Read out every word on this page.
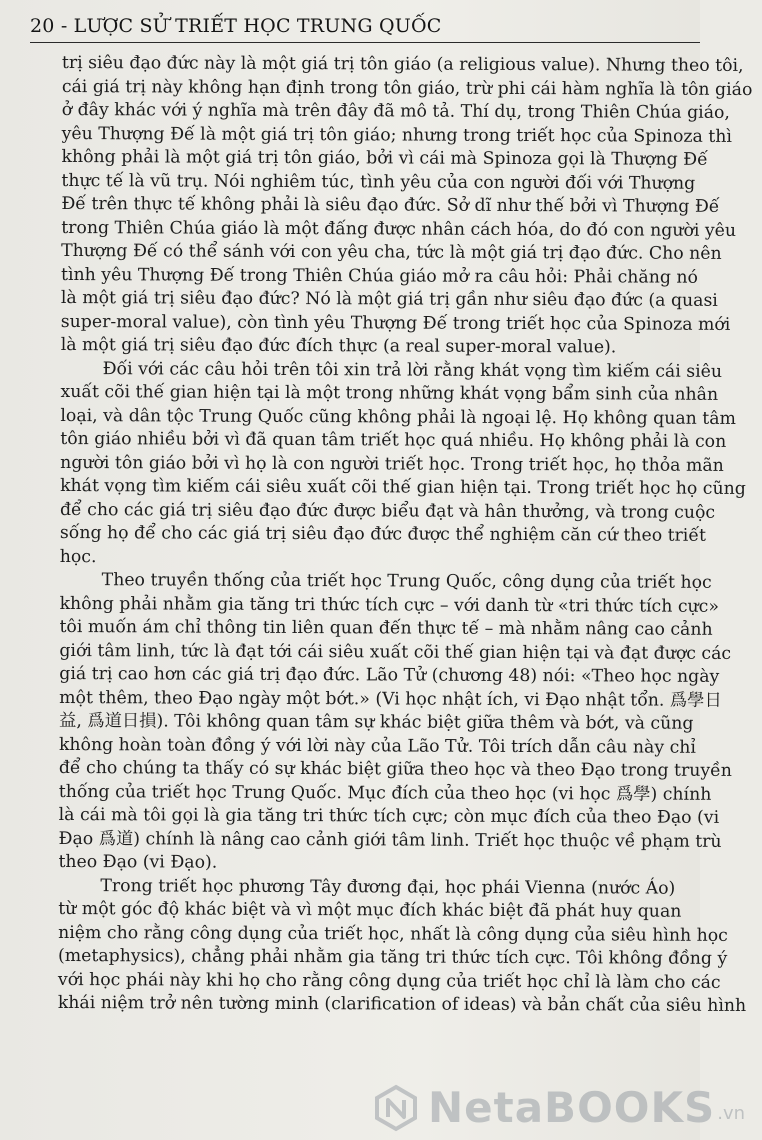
20 - LƯỢC SỬ TRIẾT HỌC TRUNG QUỐC
trị siêu đạo đức này là một giá trị tôn giáo (a religious value). Nhưng theo tôi,
cái giá trị này không hạn định trong tôn giáo, trừ phi cái hàm nghĩa là tôn giáo
ở đây khác với ý nghĩa mà trên đây đã mô tả. Thí dụ, trong Thiên Chúa giáo,
yêu Thượng Đế là một giá trị tôn giáo; nhưng trong triết học của Spinoza thì
không phải là một giá trị tôn giáo, bởi vì cái mà Spinoza gọi là Thượng Đế
thực tế là vũ trụ. Nói nghiêm túc, tình yêu của con người đối với Thượng
Đế trên thực tế không phải là siêu đạo đức. Sở dĩ như thế bởi vì Thượng Đế
trong Thiên Chúa giáo là một đấng được nhân cách hóa, do đó con người yêu
Thượng Đế có thể sánh với con yêu cha, tức là một giá trị đạo đức. Cho nên
tình yêu Thượng Đế trong Thiên Chúa giáo mở ra câu hỏi: Phải chăng nó
là một giá trị siêu đạo đức? Nó là một giá trị gần như siêu đạo đức (a quasi
super-moral value), còn tình yêu Thượng Đế trong triết học của Spinoza mới
là một giá trị siêu đạo đức đích thực (a real super-moral value).
Đối với các câu hỏi trên tôi xin trả lời rằng khát vọng tìm kiếm cái siêu
xuất cõi thế gian hiện tại là một trong những khát vọng bẩm sinh của nhân
loại, và dân tộc Trung Quốc cũng không phải là ngoại lệ. Họ không quan tâm
tôn giáo nhiều bởi vì đã quan tâm triết học quá nhiều. Họ không phải là con
người tôn giáo bởi vì họ là con người triết học. Trong triết học, họ thỏa mãn
khát vọng tìm kiếm cái siêu xuất cõi thế gian hiện tại. Trong triết học họ cũng
để cho các giá trị siêu đạo đức được biểu đạt và hân thưởng, và trong cuộc
sống họ để cho các giá trị siêu đạo đức được thể nghiệm căn cứ theo triết
học.
Theo truyền thống của triết học Trung Quốc, công dụng của triết học
không phải nhằm gia tăng tri thức tích cực – với danh từ «tri thức tích cực»
tôi muốn ám chỉ thông tin liên quan đến thực tế – mà nhằm nâng cao cảnh
giới tâm linh, tức là đạt tới cái siêu xuất cõi thế gian hiện tại và đạt được các
giá trị cao hơn các giá trị đạo đức. Lão Tử (chương 48) nói: «Theo học ngày
một thêm, theo Đạo ngày một bớt.» (Vi học nhật ích, vi Đạo nhật tổn. 爲學日
益, 爲道日損). Tôi không quan tâm sự khác biệt giữa thêm và bớt, và cũng
không hoàn toàn đồng ý với lời này của Lão Tử. Tôi trích dẫn câu này chỉ
để cho chúng ta thấy có sự khác biệt giữa theo học và theo Đạo trong truyền
thống của triết học Trung Quốc. Mục đích của theo học (vi học 爲學) chính
là cái mà tôi gọi là gia tăng tri thức tích cực; còn mục đích của theo Đạo (vi
Đạo 爲道) chính là nâng cao cảnh giới tâm linh. Triết học thuộc về phạm trù
theo Đạo (vi Đạo).
Trong triết học phương Tây đương đại, học phái Vienna (nước Áo)
từ một góc độ khác biệt và vì một mục đích khác biệt đã phát huy quan
niệm cho rằng công dụng của triết học, nhất là công dụng của siêu hình học
(metaphysics), chẳng phải nhằm gia tăng tri thức tích cực. Tôi không đồng ý
với học phái này khi họ cho rằng công dụng của triết học chỉ là làm cho các
khái niệm trở nên tường minh (clarification of ideas) và bản chất của siêu hình
NetaBOOKS .vn
